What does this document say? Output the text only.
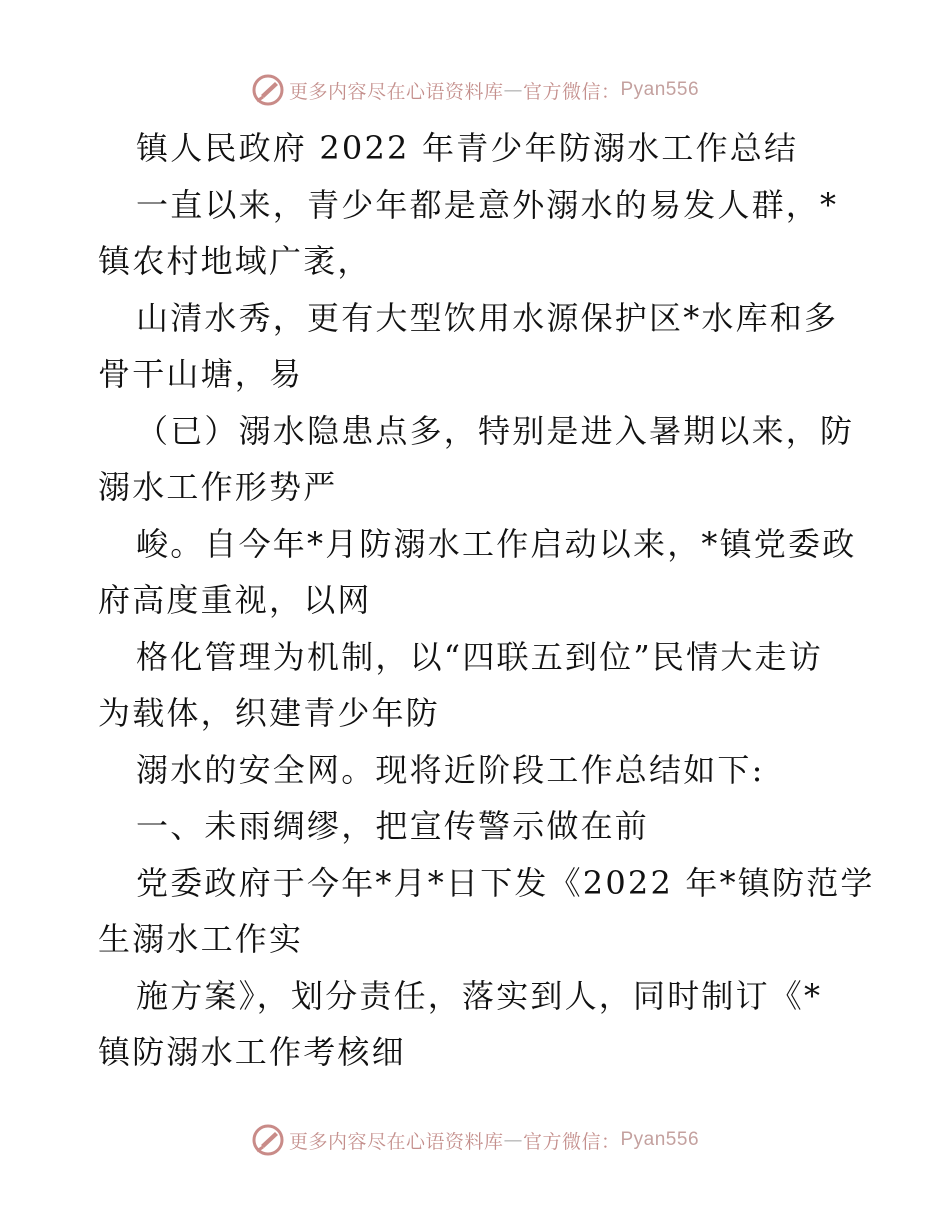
更多内容尽在心语资料库 — 官方微信： Pyan556
镇人民政府 2022 年青少年防溺水工作总结
一直以来，青少年都是意外溺水的易发人群，*
镇农村地域广袤，
山清水秀，更有大型饮用水源保护区*水库和多
骨干山塘，易
（已）溺水隐患点多，特别是进入暑期以来，防
溺水工作形势严
峻。自今年*月防溺水工作启动以来，*镇党委政
府高度重视，以网
格化管理为机制，以“四联五到位”民情大走访
为载体，织建青少年防
溺水的安全网。现将近阶段工作总结如下:
一、未雨绸缪，把宣传警示做在前
党委政府于今年*月*日下发《2022 年*镇防范学
生溺水工作实
施方案》，划分责任，落实到人，同时制订《*
镇防溺水工作考核细
更多内容尽在心语资料库 — 官方微信： Pyan556
